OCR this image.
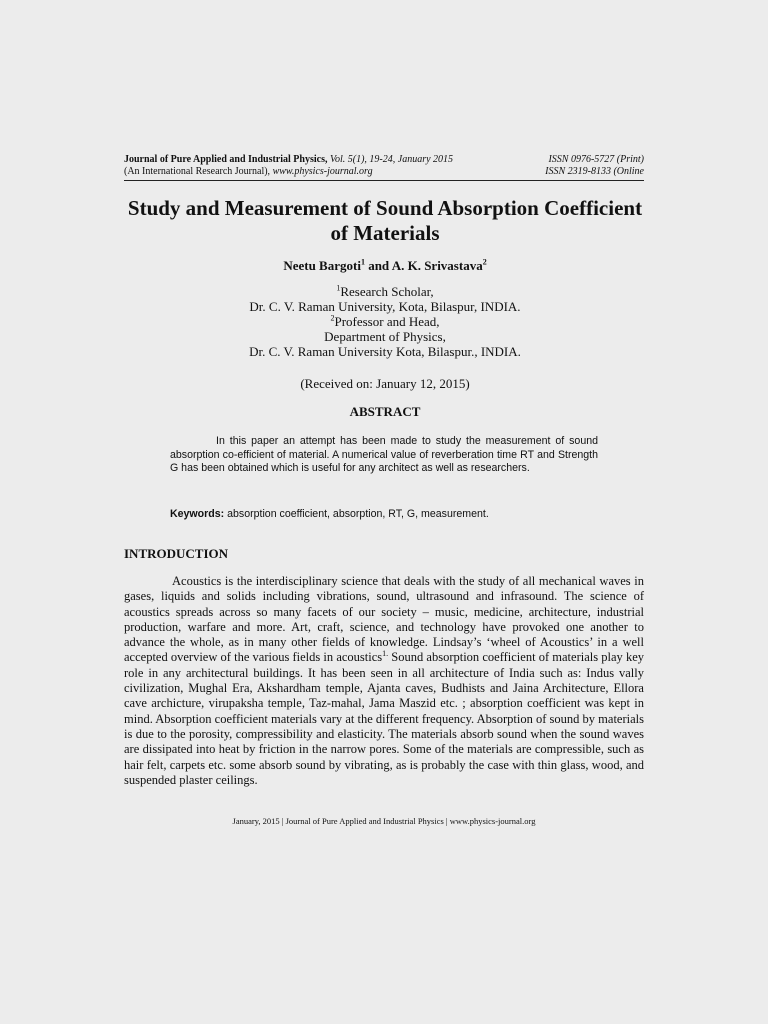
Journal of Pure Applied and Industrial Physics, Vol. 5(1), 19-24, January 2015
(An International Research Journal), www.physics-journal.org
ISSN 0976-5727 (Print)
ISSN 2319-8133 (Online
Study and Measurement of Sound Absorption Coefficient
of Materials
Neetu Bargoti$^1$ and A. K. Srivastava$^2$
$^1$Research Scholar,
Dr. C. V. Raman University, Kota, Bilaspur, INDIA.
$^2$Professor and Head,
Department of Physics,
Dr. C. V. Raman University Kota, Bilaspur., INDIA.
(Received on: January 12, 2015)
ABSTRACT
In this paper an attempt has been made to study the measurement of sound absorption co-efficient of material. A numerical value of reverberation time RT and Strength G has been obtained which is useful for any architect as well as researchers.
Keywords: absorption coefficient, absorption, RT, G, measurement.
INTRODUCTION
Acoustics is the interdisciplinary science that deals with the study of all mechanical waves in gases, liquids and solids including vibrations, sound, ultrasound and infrasound. The science of acoustics spreads across so many facets of our society – music, medicine, architecture, industrial production, warfare and more. Art, craft, science, and technology have provoked one another to advance the whole, as in many other fields of knowledge. Lindsay’s ‘wheel of Acoustics’ in a well accepted overview of the various fields in acoustics$^{1.}$ Sound absorption coefficient of materials play key role in any architectural buildings. It has been seen in all architecture of India such as: Indus vally civilization, Mughal Era, Akshardham temple, Ajanta caves, Budhists and Jaina Architecture, Ellora cave archicture, virupaksha temple, Taz-mahal, Jama Maszid etc. ; absorption coefficient was kept in mind. Absorption coefficient materials vary at the different frequency. Absorption of sound by materials is due to the porosity, compressibility and elasticity. The materials absorb sound when the sound waves are dissipated into heat by friction in the narrow pores. Some of the materials are compressible, such as hair felt, carpets etc. some absorb sound by vibrating, as is probably the case with thin glass, wood, and suspended plaster ceilings.
January, 2015 | Journal of Pure Applied and Industrial Physics | www.physics-journal.org
